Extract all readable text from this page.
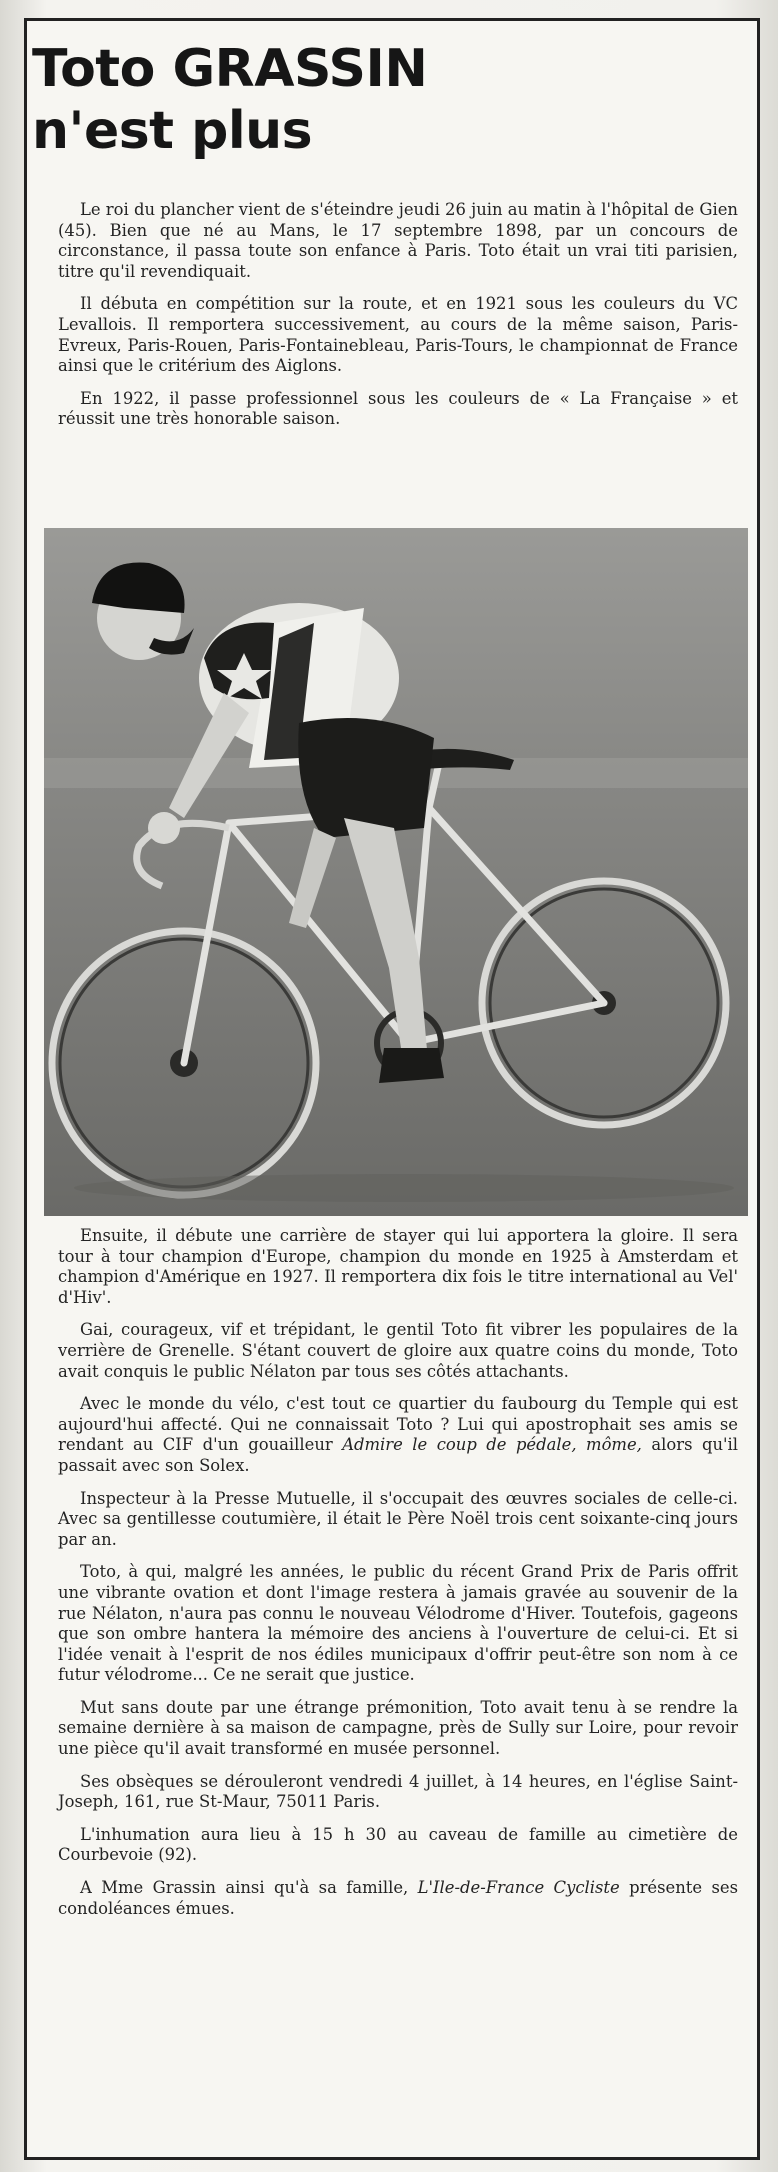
Toto GRASSIN
n'est plus

Le roi du plancher vient de s'éteindre jeudi 26 juin au matin à l'hôpital de Gien (45). Bien que né au Mans, le 17 septembre 1898, par un concours de circonstance, il passa toute son enfance à Paris. Toto était un vrai titi parisien, titre qu'il revendiquait.

Il débuta en compétition sur la route, et en 1921 sous les couleurs du VC Levallois. Il remportera successivement, au cours de la même saison, Paris-Evreux, Paris-Rouen, Paris-Fontainebleau, Paris-Tours, le championnat de France ainsi que le critérium des Aiglons.

En 1922, il passe professionnel sous les couleurs de « La Française » et réussit une très honorable saison.

Ensuite, il débute une carrière de stayer qui lui apportera la gloire. Il sera tour à tour champion d'Europe, champion du monde en 1925 à Amsterdam et champion d'Amérique en 1927. Il remportera dix fois le titre international au Vel' d'Hiv'.

Gai, courageux, vif et trépidant, le gentil Toto fit vibrer les populaires de la verrière de Grenelle. S'étant couvert de gloire aux quatre coins du monde, Toto avait conquis le public Nélaton par tous ses côtés attachants.

Avec le monde du vélo, c'est tout ce quartier du faubourg du Temple qui est aujourd'hui affecté. Qui ne connaissait Toto ? Lui qui apostrophait ses amis se rendant au CIF d'un gouailleur Admire le coup de pédale, môme, alors qu'il passait avec son Solex.

Inspecteur à la Presse Mutuelle, il s'occupait des œuvres sociales de celle-ci. Avec sa gentillesse coutumière, il était le Père Noël trois cent soixante-cinq jours par an.

Toto, à qui, malgré les années, le public du récent Grand Prix de Paris offrit une vibrante ovation et dont l'image restera à jamais gravée au souvenir de la rue Nélaton, n'aura pas connu le nouveau Vélodrome d'Hiver. Toutefois, gageons que son ombre hantera la mémoire des anciens à l'ouverture de celui-ci. Et si l'idée venait à l'esprit de nos édiles municipaux d'offrir peut-être son nom à ce futur vélodrome... Ce ne serait que justice.

Mut sans doute par une étrange prémonition, Toto avait tenu à se rendre la semaine dernière à sa maison de campagne, près de Sully sur Loire, pour revoir une pièce qu'il avait transformé en musée personnel.

Ses obsèques se dérouleront vendredi 4 juillet, à 14 heures, en l'église Saint-Joseph, 161, rue St-Maur, 75011 Paris.

L'inhumation aura lieu à 15 h 30 au caveau de famille au cimetière de Courbevoie (92).

A Mme Grassin ainsi qu'à sa famille, L'Ile-de-France Cycliste présente ses condoléances émues.
